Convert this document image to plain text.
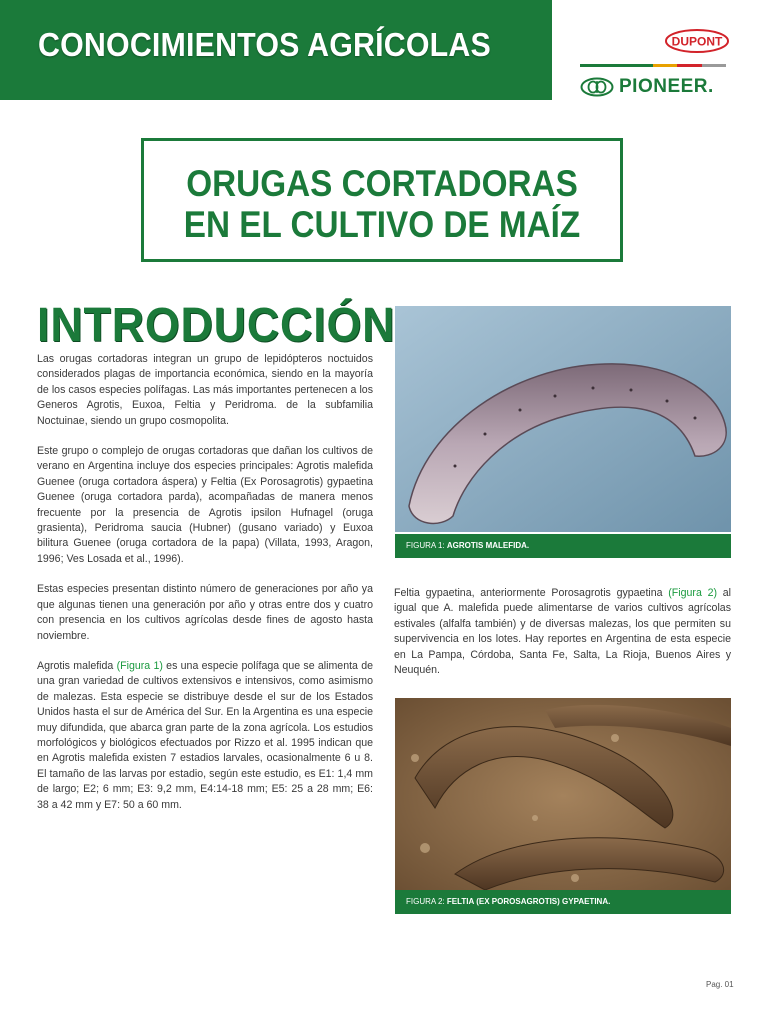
CONOCIMIENTOS AGRÍCOLAS	DUPONT
PIONEER.
ORUGAS CORTADORAS
EN EL CULTIVO DE MAÍZ
INTRODUCCIÓN

Las orugas cortadoras integran un grupo de lepidópteros noctuidos considerados plagas de importancia económica, siendo en la mayoría de los casos especies polífagas. Las más importantes pertenecen a los Generos Agrotis, Euxoa, Feltia y Peridroma. de la subfamilia Noctuinae, siendo un grupo cosmopolita.

Este grupo o complejo de orugas cortadoras que dañan los cultivos de verano en Argentina incluye dos especies principales: Agrotis malefida Guenee (oruga cortadora áspera) y Feltia (Ex Porosagrotis) gypaetina Guenee (oruga cortadora parda), acompañadas de manera menos frecuente por la presencia de Agrotis ipsilon Hufnagel (oruga grasienta), Peridroma saucia (Hubner) (gusano variado) y Euxoa bilitura Guenee (oruga cortadora de la papa) (Villata, 1993, Aragon, 1996; Ves Losada et al., 1996).

Estas especies presentan distinto número de generaciones por año ya que algunas tienen una generación por año y otras entre dos y cuatro con presencia en los cultivos agrícolas desde fines de agosto hasta noviembre.

Agrotis malefida (Figura 1) es una especie polífaga que se alimenta de una gran variedad de cultivos extensivos e intensivos, como asimismo de malezas. Esta especie se distribuye desde el sur de los Estados Unidos hasta el sur de América del Sur. En la Argentina es una especie muy difundida, que abarca gran parte de la zona agrícola. Los estudios morfológicos y biológicos efectuados por Rizzo et al. 1995 indican que en Agrotis malefida existen 7 estadios larvales, ocasionalmente 6 u 8. El tamaño de las larvas por estadio, según este estudio, es E1: 1,4 mm de largo; E2; 6 mm; E3: 9,2 mm, E4:14-18 mm; E5: 25 a 28 mm; E6: 38 a 42 mm y E7: 50 a 60 mm.

FIGURA 1: AGROTIS MALEFIDA.

Feltia gypaetina, anteriormente Porosagrotis gypaetina (Figura 2) al igual que A. malefida puede alimentarse de varios cultivos agrícolas estivales (alfalfa también) y de diversas malezas, los que permiten su supervivencia en los lotes. Hay reportes en Argentina de esta especie en La Pampa, Córdoba, Santa Fe, Salta, La Rioja, Buenos Aires y Neuquén.

FIGURA 2: FELTIA (EX POROSAGROTIS) GYPAETINA.
Pag. 01
